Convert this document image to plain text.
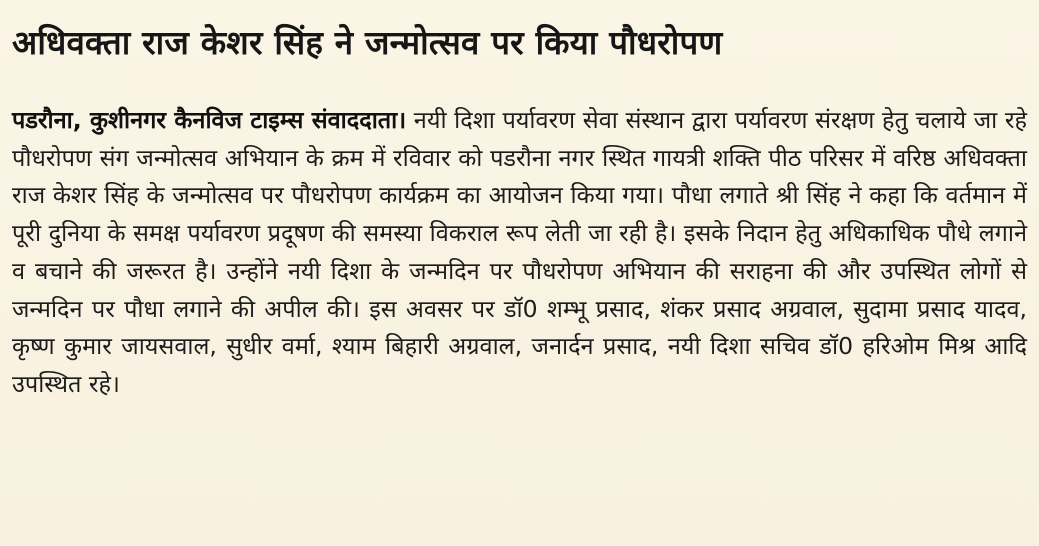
अधिवक्ता राज केशर सिंह ने जन्मोत्सव पर किया पौधरोपण

पडरौना, कुशीनगर कैनविज टाइम्स संवाददाता। नयी दिशा पर्यावरण सेवा संस्थान द्वारा पर्यावरण संरक्षण हेतु चलाये जा रहे पौधरोपण संग जन्मोत्सव अभियान के क्रम में रविवार को पडरौना नगर स्थित गायत्री शक्ति पीठ परिसर में वरिष्ठ अधिवक्ता राज केशर सिंह के जन्मोत्सव पर पौधरोपण कार्यक्रम का आयोजन किया गया। पौधा लगाते श्री सिंह ने कहा कि वर्तमान में पूरी दुनिया के समक्ष पर्यावरण प्रदूषण की समस्या विकराल रूप लेती जा रही है। इसके निदान हेतु अधिकाधिक पौधे लगाने व बचाने की जरूरत है। उन्होंने नयी दिशा के जन्मदिन पर पौधरोपण अभियान की सराहना की और उपस्थित लोगों से जन्मदिन पर पौधा लगाने की अपील की। इस अवसर पर डॉ0 शम्भू प्रसाद, शंकर प्रसाद अग्रवाल, सुदामा प्रसाद यादव, कृष्ण कुमार जायसवाल, सुधीर वर्मा, श्याम बिहारी अग्रवाल, जनार्दन प्रसाद, नयी दिशा सचिव डॉ0 हरिओम मिश्र आदि उपस्थित रहे।
